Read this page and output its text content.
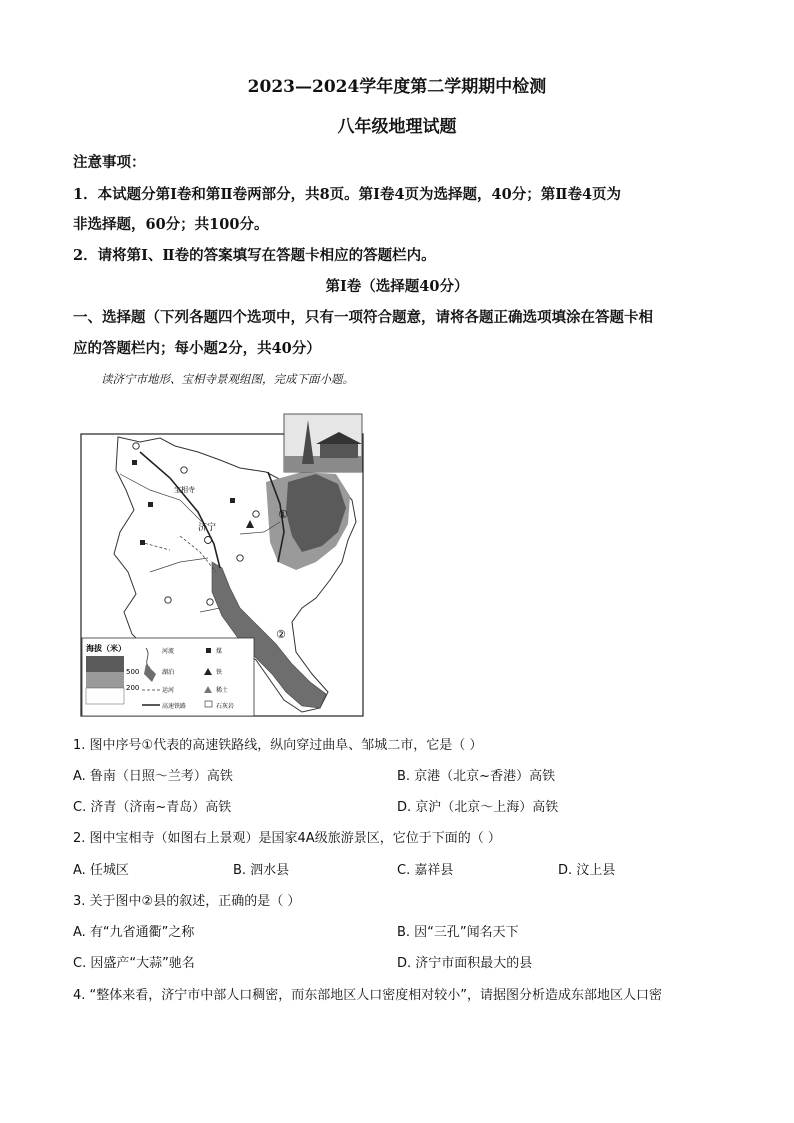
2023—2024学年度第二学期期中检测
八年级地理试题
注意事项：
1．本试题分第Ⅰ卷和第Ⅱ卷两部分，共8页。第Ⅰ卷4页为选择题，40分；第Ⅱ卷4页为
非选择题，60分；共100分。
2．请将第Ⅰ、Ⅱ卷的答案填写在答题卡相应的答题栏内。
第Ⅰ卷（选择题40分）
一、选择题（下列各题四个选项中，只有一项符合题意，请将各题正确选项填涂在答题卡相
应的答题栏内；每小题2分，共40分）
读济宁市地形、宝相寺景观组图，完成下面小题。
宝相寺
济宁
①
②
海拔（米）
500
200
河流
湖泊
运河
高速铁路
煤
铁
稀土
石灰岩
1. 图中序号①代表的高速铁路线，纵向穿过曲阜、邹城二市，它是（ ）
A. 鲁南（日照～兰考）高铁	B. 京港（北京~香港）高铁
C. 济青（济南~青岛）高铁	D. 京沪（北京～上海）高铁
2. 图中宝相寺（如图右上景观）是国家4A级旅游景区，它位于下面的（ ）
A. 任城区	B. 泗水县	C. 嘉祥县	D. 汶上县
3. 关于图中②县的叙述，正确的是（ ）
A. 有“九省通衢”之称	B. 因“三孔”闻名天下
C. 因盛产“大蒜”驰名	D. 济宁市面积最大的县
4. “整体来看，济宁市中部人口稠密，而东部地区人口密度相对较小”，请据图分析造成东部地区人口密
